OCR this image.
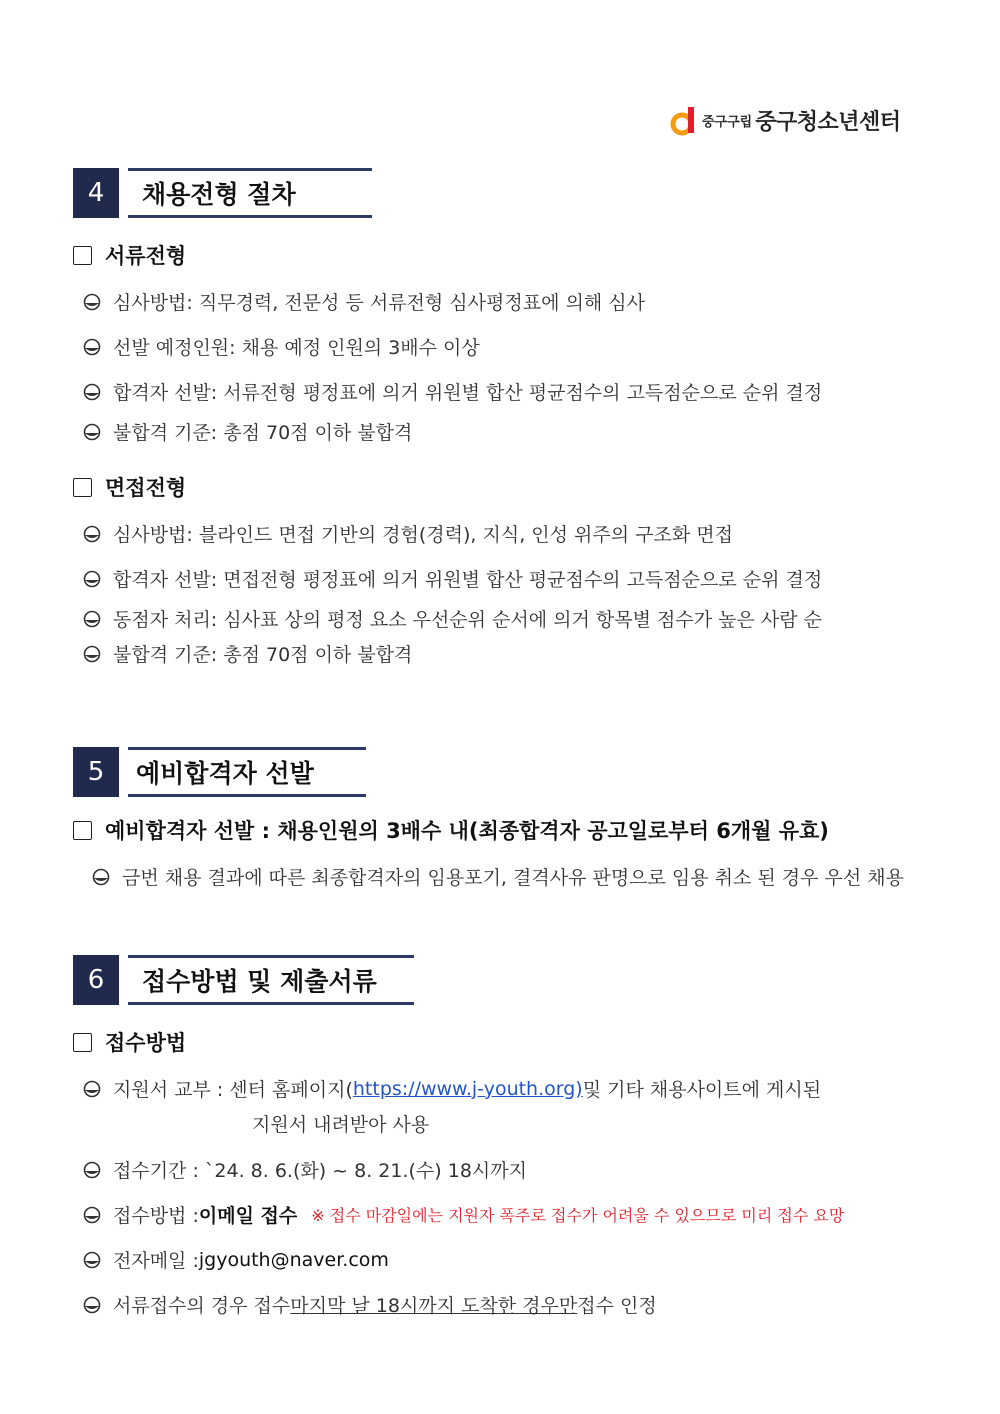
중구구립 중구청소년센터
4	채용전형 절차
서류전형
심사방법: 직무경력, 전문성 등 서류전형 심사평정표에 의해 심사
선발 예정인원: 채용 예정 인원의 3배수 이상
합격자 선발: 서류전형 평정표에 의거 위원별 합산 평균점수의 고득점순으로 순위 결정
불합격 기준: 총점 70점 이하 불합격
면접전형
심사방법: 블라인드 면접 기반의 경험(경력), 지식, 인성 위주의 구조화 면접
합격자 선발: 면접전형 평정표에 의거 위원별 합산 평균점수의 고득점순으로 순위 결정
동점자 처리: 심사표 상의 평정 요소 우선순위 순서에 의거 항목별 점수가 높은 사람 순
불합격 기준: 총점 70점 이하 불합격
5	예비합격자 선발
예비합격자 선발 : 채용인원의 3배수 내(최종합격자 공고일로부터 6개월 유효)
금번 채용 결과에 따른 최종합격자의 임용포기, 결격사유 판명으로 임용 취소 된 경우 우선 채용
6	접수방법 및 제출서류
접수방법
지원서 교부 : 센터 홈페이지( https://www.j-youth.org) 및 기타 채용사이트에 게시된
지원서 내려받아 사용
접수기간 : `24. 8. 6.(화) ~ 8. 21.(수) 18시까지
접수방법 : 이메일 접수 ※ 접수 마감일에는 지원자 폭주로 접수가 어려울 수 있으므로 미리 접수 요망
전자메일 : jgyouth@naver.com
서류접수의 경우 접수 마지막 날 18시까지 도착한 경우만 접수 인정
